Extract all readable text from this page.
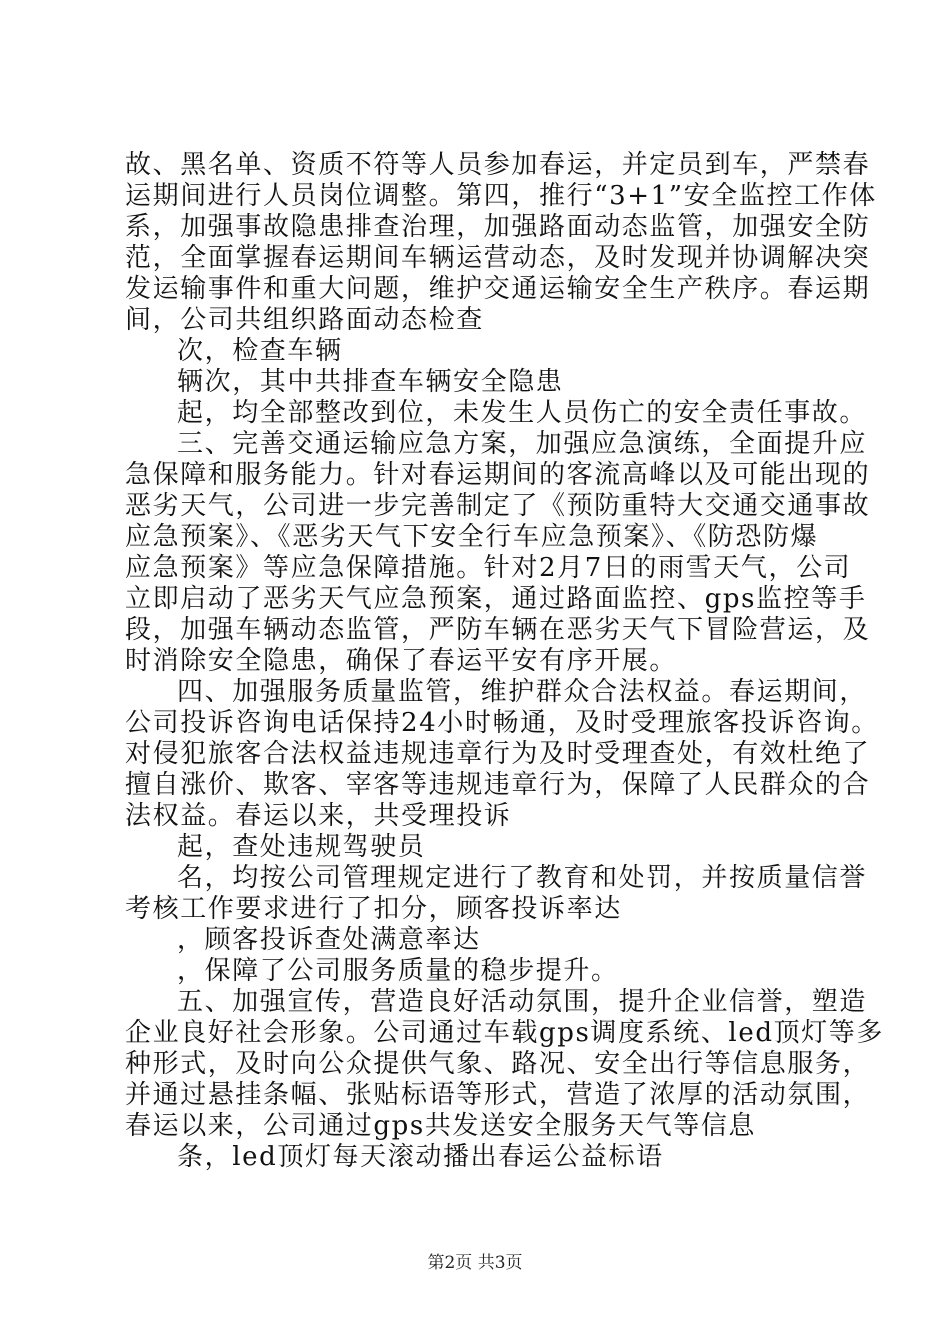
故、黑名单、资质不符等人员参加春运，并定员到车，严禁春

运期间进行人员岗位调整。第四，推行“3+1”安全监控工作体

系，加强事故隐患排查治理，加强路面动态监管，加强安全防

范，全面掌握春运期间车辆运营动态，及时发现并协调解决突

发运输事件和重大问题，维护交通运输安全生产秩序。春运期

间，公司共组织路面动态检查

次，检查车辆

辆次，其中共排查车辆安全隐患

起，均全部整改到位，未发生人员伤亡的安全责任事故。

三、完善交通运输应急方案，加强应急演练，全面提升应

急保障和服务能力。针对春运期间的客流高峰以及可能出现的

恶劣天气，公司进一步完善制定了《预防重特大交通交通事故

应急预案》、《恶劣天气下安全行车应急预案》、《防恐防爆

应急预案》等应急保障措施。针对2月7日的雨雪天气，公司

立即启动了恶劣天气应急预案，通过路面监控、gps监控等手

段，加强车辆动态监管，严防车辆在恶劣天气下冒险营运，及

时消除安全隐患，确保了春运平安有序开展。

四、加强服务质量监管，维护群众合法权益。春运期间，

公司投诉咨询电话保持24小时畅通，及时受理旅客投诉咨询。

对侵犯旅客合法权益违规违章行为及时受理查处，有效杜绝了

擅自涨价、欺客、宰客等违规违章行为，保障了人民群众的合

法权益。春运以来，共受理投诉

起，查处违规驾驶员

名，均按公司管理规定进行了教育和处罚，并按质量信誉

考核工作要求进行了扣分，顾客投诉率达

，顾客投诉查处满意率达

，保障了公司服务质量的稳步提升。

五、加强宣传，营造良好活动氛围，提升企业信誉，塑造

企业良好社会形象。公司通过车载gps调度系统、led顶灯等多

种形式，及时向公众提供气象、路况、安全出行等信息服务，

并通过悬挂条幅、张贴标语等形式，营造了浓厚的活动氛围，

春运以来，公司通过gps共发送安全服务天气等信息

条，led顶灯每天滚动播出春运公益标语

第2页 共3页
